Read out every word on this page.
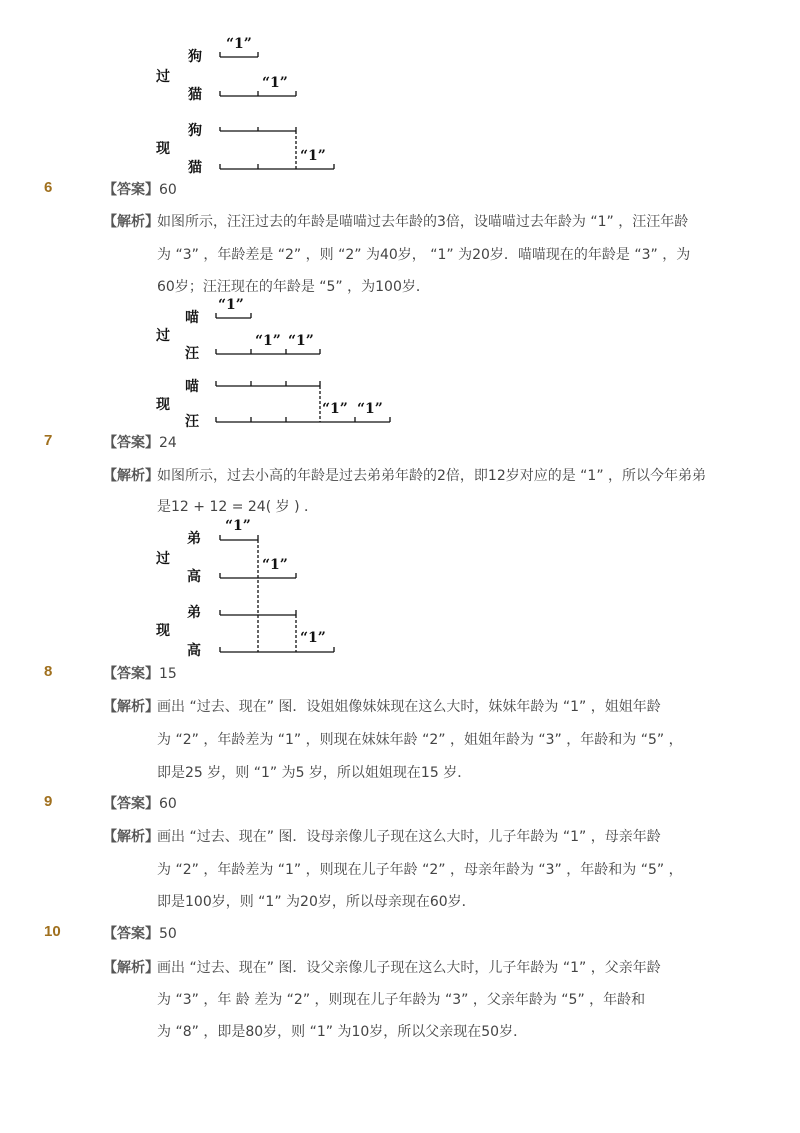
狗
过
猫
狗
现
猫
“1”
“1”
“1”
6	【答案】60
【解析】
如图所示，汪汪过去的年龄是喵喵过去年龄的3倍，设喵喵过去年龄为 “1” ，汪汪年龄
为 “3” ，年龄差是 “2” ，则 “2” 为40岁， “1” 为20岁．喵喵现在的年龄是 “3” ，为
60岁；汪汪现在的年龄是 “5” ，为100岁．
喵
过
汪
喵
现
汪
“1”
“1” “1”
“1” “1”
7	【答案】24
【解析】
如图所示，过去小高的年龄是过去弟弟年龄的2倍，即12岁对应的是 “1” ，所以今年弟弟
是12 + 12 = 24( 岁 ) ．
弟
过
高
弟
现
高
“1”
“1”
“1”
8	【答案】15
【解析】
画出 “过去、现在” 图．设姐姐像妹妹现在这么大时，妹妹年龄为 “1” ，姐姐年龄
为 “2” ，年龄差为 “1” ，则现在妹妹年龄 “2” ，姐姐年龄为 “3” ，年龄和为 “5” ，
即是25 岁，则 “1” 为5 岁，所以姐姐现在15 岁．
9	【答案】60
【解析】
画出 “过去、现在” 图．设母亲像儿子现在这么大时，儿子年龄为 “1” ，母亲年龄
为 “2” ，年龄差为 “1” ，则现在儿子年龄 “2” ，母亲年龄为 “3” ，年龄和为 “5” ，
即是100岁，则 “1” 为20岁，所以母亲现在60岁．
10	【答案】50
【解析】
画出 “过去、现在” 图．设父亲像儿子现在这么大时，儿子年龄为 “1” ，父亲年龄
为 “3” ，年 龄 差为 “2” ，则现在儿子年龄为 “3” ，父亲年龄为 “5” ，年龄和
为 “8” ，即是80岁，则 “1” 为10岁，所以父亲现在50岁．
